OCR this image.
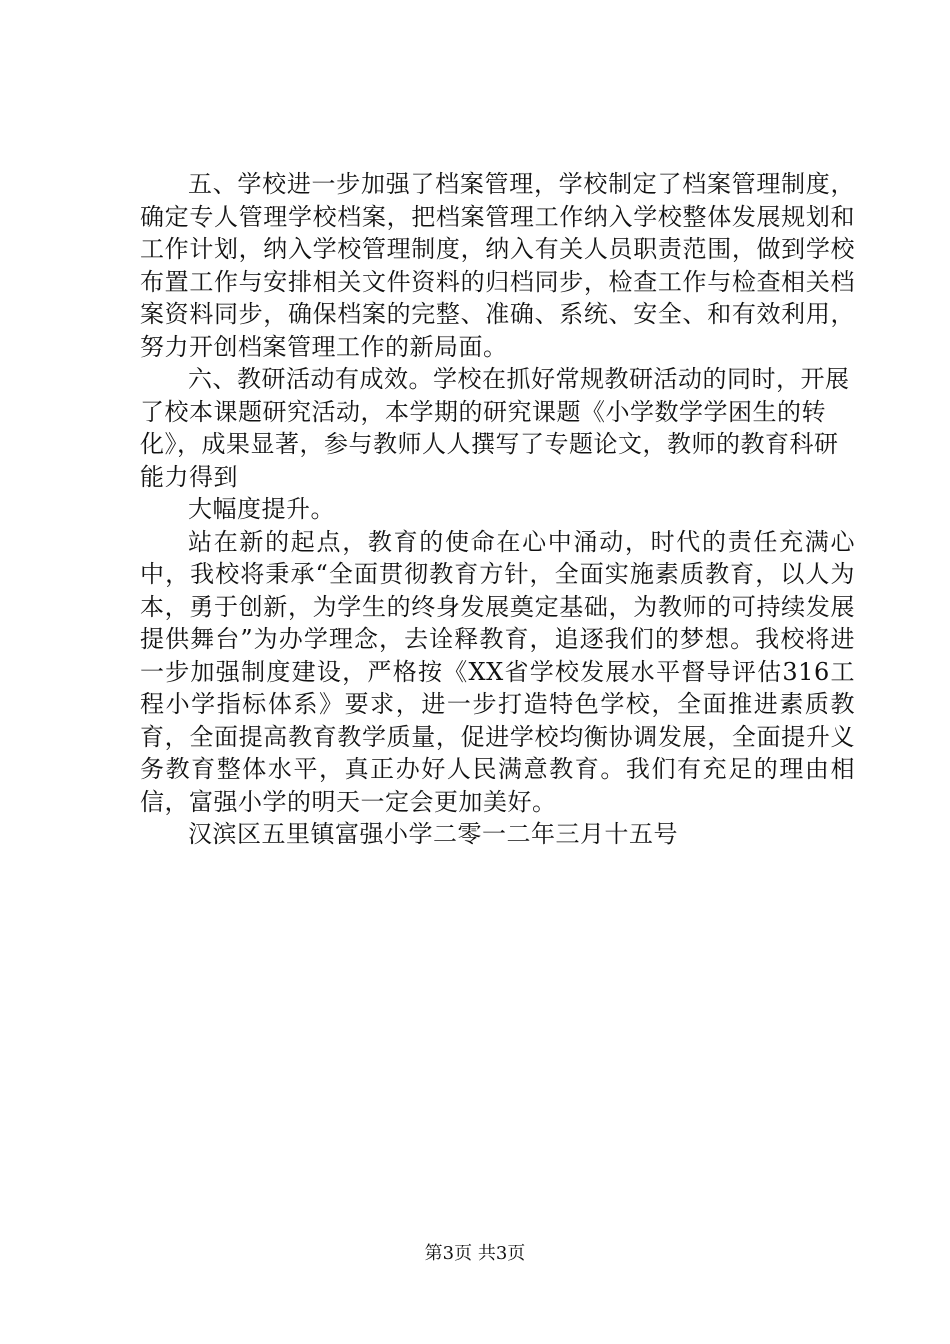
五、学校进一步加强了档案管理，学校制定了档案管理制度，确定专人管理学校档案，把档案管理工作纳入学校整体发展规划和工作计划，纳入学校管理制度，纳入有关人员职责范围，做到学校布置工作与安排相关文件资料的归档同步，检查工作与检查相关档案资料同步，确保档案的完整、准确、系统、安全、和有效利用，努力开创档案管理工作的新局面。

六、教研活动有成效。学校在抓好常规教研活动的同时，开展了校本课题研究活动，本学期的研究课题《小学数学学困生的转化》，成果显著，参与教师人人撰写了专题论文，教师的教育科研能力得到

大幅度提升。

站在新的起点，教育的使命在心中涌动，时代的责任充满心中，我校将秉承“全面贯彻教育方针，全面实施素质教育，以人为本，勇于创新，为学生的终身发展奠定基础，为教师的可持续发展提供舞台”为办学理念，去诠释教育，追逐我们的梦想。我校将进一步加强制度建设，严格按《XX省学校发展水平督导评估316工程小学指标体系》要求，进一步打造特色学校，全面推进素质教育，全面提高教育教学质量，促进学校均衡协调发展，全面提升义务教育整体水平，真正办好人民满意教育。我们有充足的理由相信，富强小学的明天一定会更加美好。

汉滨区五里镇富强小学二零一二年三月十五号

第3页 共3页
